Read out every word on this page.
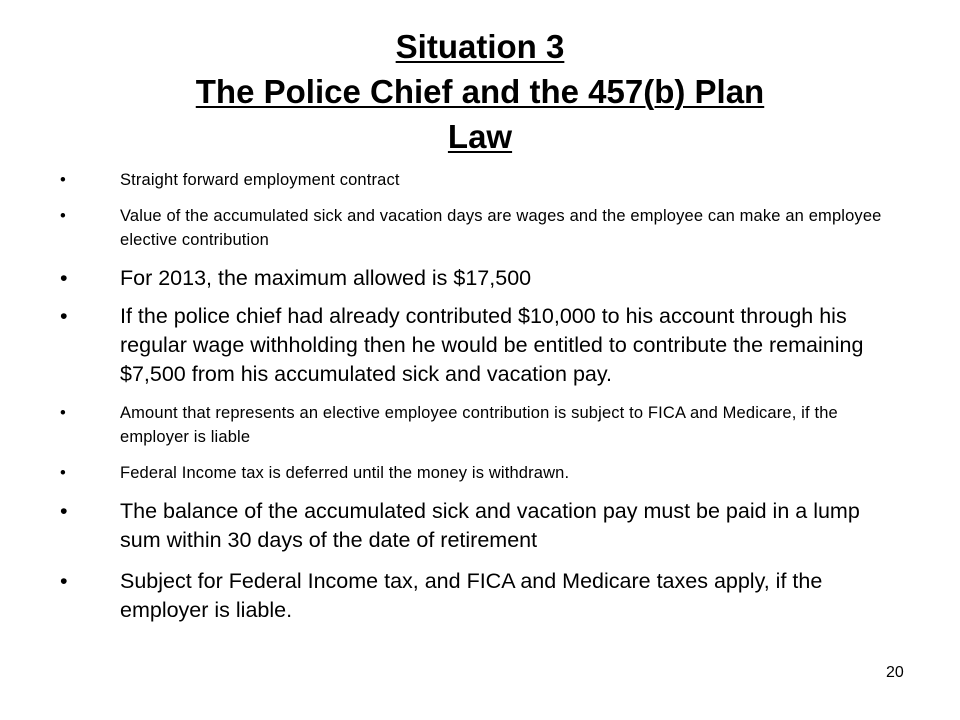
Situation 3
The Police Chief and the 457(b) Plan
Law
•	Straight forward employment contract
•	Value of the accumulated sick and vacation days are wages and the employee can make an employee elective contribution
• For 2013, the maximum allowed is $17,500
• If the police chief had already contributed $10,000 to his account through his regular wage withholding then he would be entitled to contribute the remaining $7,500 from his accumulated sick and vacation pay.
•	Amount that represents an elective employee contribution is subject to FICA and Medicare, if the employer is liable
•	Federal Income tax is deferred until the money is withdrawn.
• The balance of the accumulated sick and vacation pay must be paid in a lump sum within 30 days of the date of retirement
• Subject for Federal Income tax, and FICA and Medicare taxes apply, if the employer is liable.
20
